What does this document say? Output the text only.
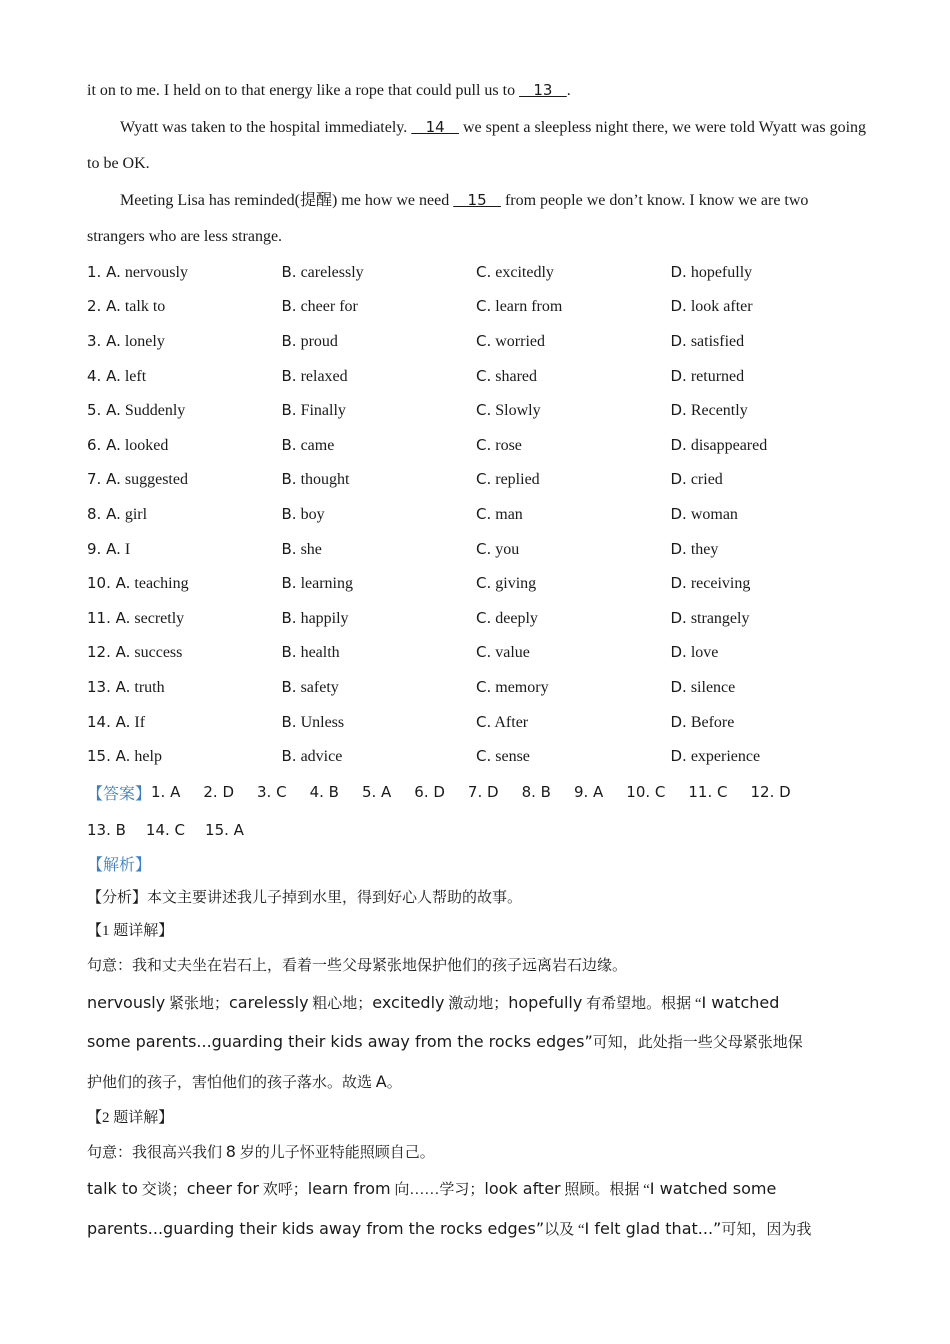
it on to me. I held on to that energy like a rope that could pull us to    13   .

Wyatt was taken to the hospital immediately.    14    we spent a sleepless night there, we were told Wyatt was going to be OK.

Meeting Lisa has reminded(提醒) me how we need    15    from people we don’t know. I know we are two strangers who are less strange.

1. A. nervously	B. carelessly	C. excitedly	D. hopefully
2. A. talk to	B. cheer for	C. learn from	D. look after
3. A. lonely	B. proud	C. worried	D. satisfied
4. A. left	B. relaxed	C. shared	D. returned
5. A. Suddenly	B. Finally	C. Slowly	D. Recently
6. A. looked	B. came	C. rose	D. disappeared
7. A. suggested	B. thought	C. replied	D. cried
8. A. girl	B. boy	C. man	D. woman
9. A. I	B. she	C. you	D. they
10. A. teaching	B. learning	C. giving	D. receiving
11. A. secretly	B. happily	C. deeply	D. strangely
12. A. success	B. health	C. value	D. love
13. A. truth	B. safety	C. memory	D. silence
14. A. If	B. Unless	C. After	D. Before
15. A. help	B. advice	C. sense	D. experience
【答案】 1. A 2. D 3. C 4. B 5. A 6. D 7. D 8. B 9. A 10. C 11. C 12. D
13. B 14. C 15. A
【解析】

【分析】本文主要讲述我儿子掉到水里，得到好心人帮助的故事。

【1 题详解】

句意：我和丈夫坐在岩石上，看着一些父母紧张地保护他们的孩子远离岩石边缘。

nervously 紧张地；carelessly 粗心地；excitedly 激动地；hopefully 有希望地。根据 “I watched

some parents...guarding their kids away from the rocks edges”可知，此处指一些父母紧张地保

护他们的孩子，害怕他们的孩子落水。故选 A。

【2 题详解】

句意：我很高兴我们 8 岁的儿子怀亚特能照顾自己。

talk to 交谈；cheer for 欢呼；learn from 向……学习；look after 照顾。根据 “I watched some

parents...guarding their kids away from the rocks edges”以及 “I felt glad that...”可知，因为我
